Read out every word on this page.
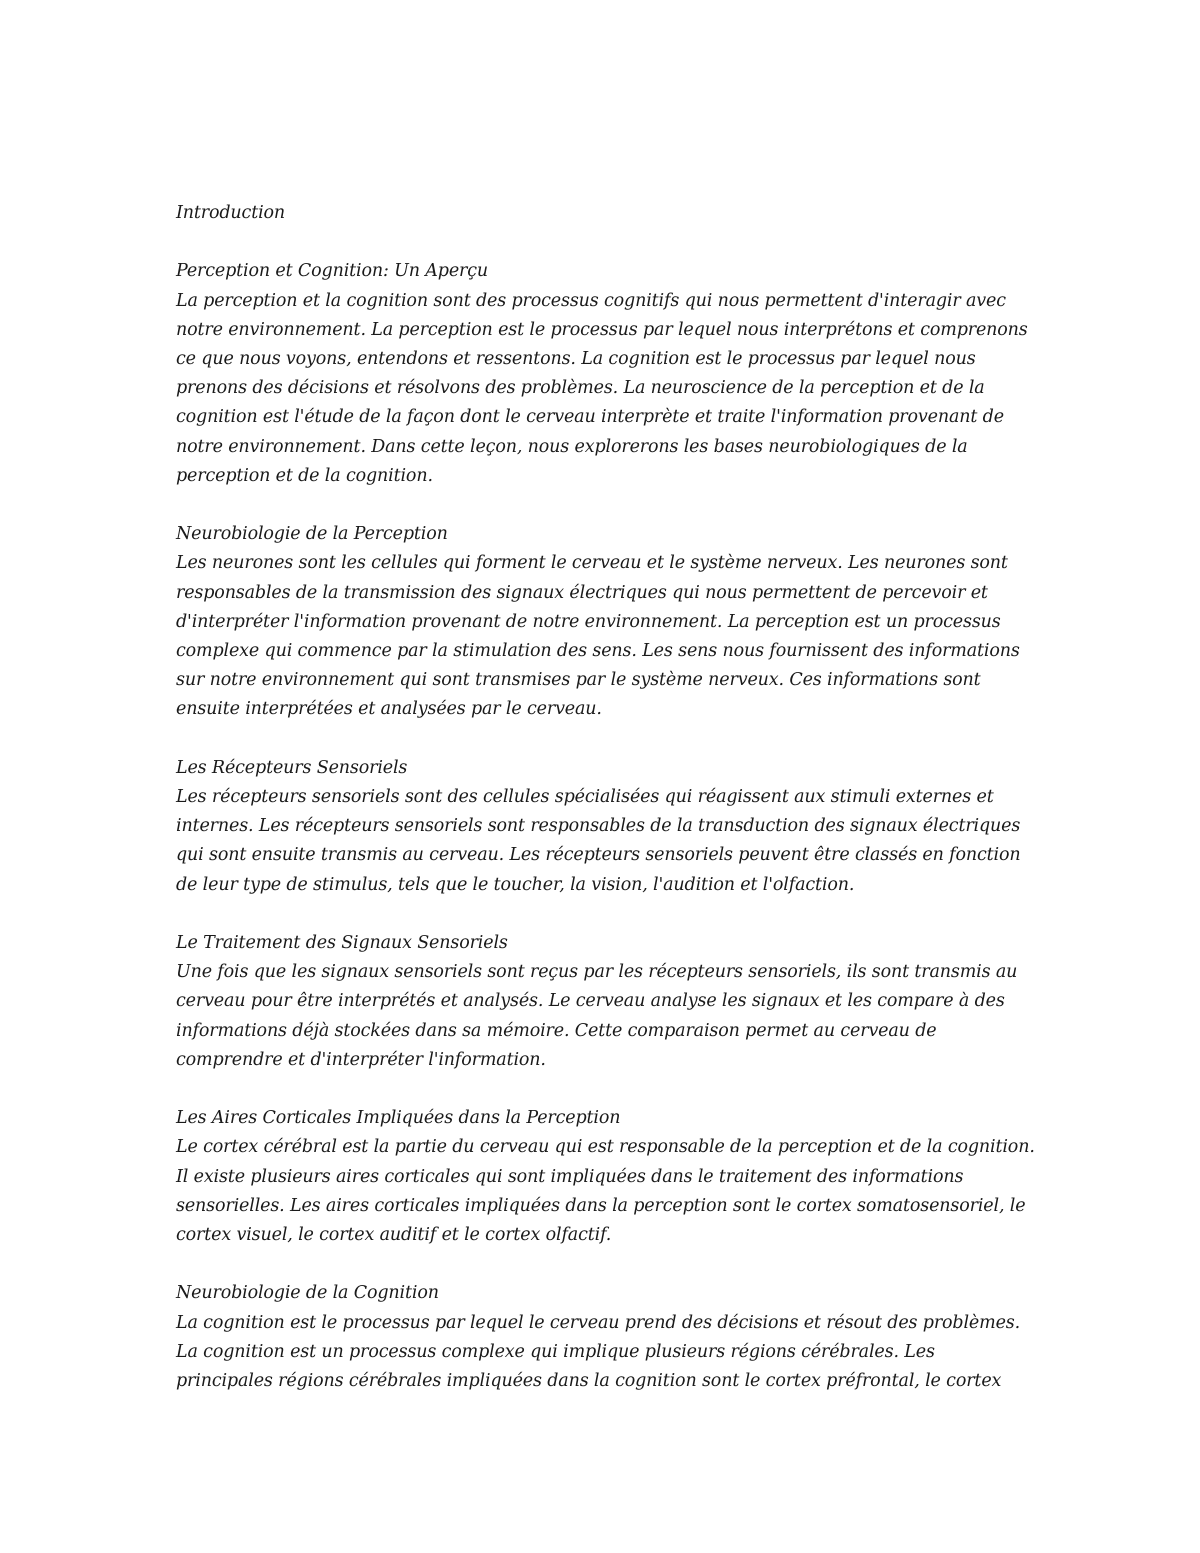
Introduction
Perception et Cognition: Un Aperçu

La perception et la cognition sont des processus cognitifs qui nous permettent d'interagir avec notre environnement. La perception est le processus par lequel nous interprétons et comprenons ce que nous voyons, entendons et ressentons. La cognition est le processus par lequel nous prenons des décisions et résolvons des problèmes. La neuroscience de la perception et de la cognition est l'étude de la façon dont le cerveau interprète et traite l'information provenant de notre environnement. Dans cette leçon, nous explorerons les bases neurobiologiques de la perception et de la cognition.

Neurobiologie de la Perception

Les neurones sont les cellules qui forment le cerveau et le système nerveux. Les neurones sont responsables de la transmission des signaux électriques qui nous permettent de percevoir et d'interpréter l'information provenant de notre environnement. La perception est un processus complexe qui commence par la stimulation des sens. Les sens nous fournissent des informations sur notre environnement qui sont transmises par le système nerveux. Ces informations sont ensuite interprétées et analysées par le cerveau.

Les Récepteurs Sensoriels

Les récepteurs sensoriels sont des cellules spécialisées qui réagissent aux stimuli externes et internes. Les récepteurs sensoriels sont responsables de la transduction des signaux électriques qui sont ensuite transmis au cerveau. Les récepteurs sensoriels peuvent être classés en fonction de leur type de stimulus, tels que le toucher, la vision, l'audition et l'olfaction.

Le Traitement des Signaux Sensoriels

Une fois que les signaux sensoriels sont reçus par les récepteurs sensoriels, ils sont transmis au cerveau pour être interprétés et analysés. Le cerveau analyse les signaux et les compare à des informations déjà stockées dans sa mémoire. Cette comparaison permet au cerveau de comprendre et d'interpréter l'information.

Les Aires Corticales Impliquées dans la Perception

Le cortex cérébral est la partie du cerveau qui est responsable de la perception et de la cognition. Il existe plusieurs aires corticales qui sont impliquées dans le traitement des informations sensorielles. Les aires corticales impliquées dans la perception sont le cortex somatosensoriel, le cortex visuel, le cortex auditif et le cortex olfactif.

Neurobiologie de la Cognition

La cognition est le processus par lequel le cerveau prend des décisions et résout des problèmes. La cognition est un processus complexe qui implique plusieurs régions cérébrales. Les principales régions cérébrales impliquées dans la cognition sont le cortex préfrontal, le cortex
